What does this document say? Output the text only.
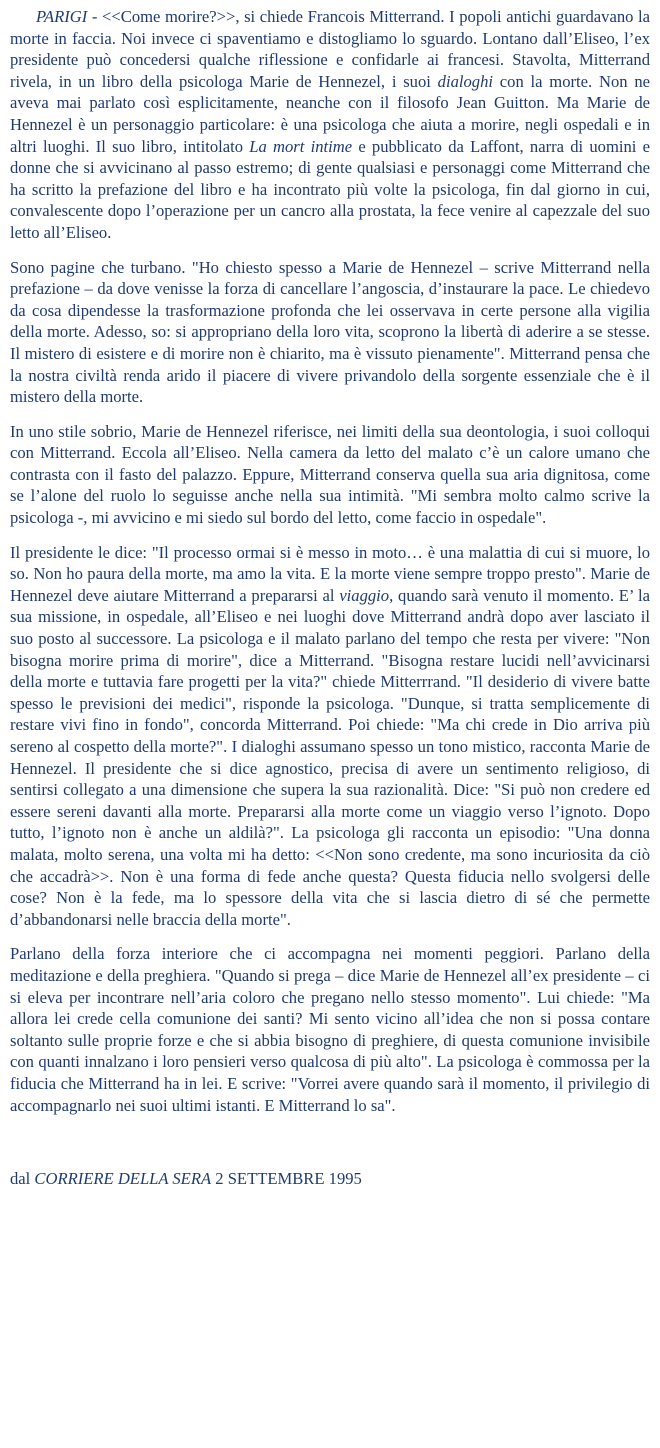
PARIGI - <<Come morire?>>, si chiede Francois Mitterrand. I popoli antichi guardavano la morte in faccia. Noi invece ci spaventiamo e distogliamo lo sguardo. Lontano dall’Eliseo, l’ex presidente può concedersi qualche riflessione e confidarle ai francesi. Stavolta, Mitterrand rivela, in un libro della psicologa Marie de Hennezel, i suoi dialoghi con la morte. Non ne aveva mai parlato così esplicitamente, neanche con il filosofo Jean Guitton. Ma Marie de Hennezel è un personaggio particolare: è una psicologa che aiuta a morire, negli ospedali e in altri luoghi. Il suo libro, intitolato La mort intime e pubblicato da Laffont, narra di uomini e donne che si avvicinano al passo estremo; di gente qualsiasi e personaggi come Mitterrand che ha scritto la prefazione del libro e ha incontrato più volte la psicologa, fin dal giorno in cui, convalescente dopo l’operazione per un cancro alla prostata, la fece venire al capezzale del suo letto all’Eliseo.

Sono pagine che turbano. "Ho chiesto spesso a Marie de Hennezel – scrive Mitterrand nella prefazione – da dove venisse la forza di cancellare l’angoscia, d’instaurare la pace. Le chiedevo da cosa dipendesse la trasformazione profonda che lei osservava in certe persone alla vigilia della morte. Adesso, so: si appropriano della loro vita, scoprono la libertà di aderire a se stesse. Il mistero di esistere e di morire non è chiarito, ma è vissuto pienamente". Mitterrand pensa che la nostra civiltà renda arido il piacere di vivere privandolo della sorgente essenziale che è il mistero della morte.

In uno stile sobrio, Marie de Hennezel riferisce, nei limiti della sua deontologia, i suoi colloqui con Mitterrand. Eccola all’Eliseo. Nella camera da letto del malato c’è un calore umano che contrasta con il fasto del palazzo. Eppure, Mitterrand conserva quella sua aria dignitosa, come se l’alone del ruolo lo seguisse anche nella sua intimità. "Mi sembra molto calmo scrive la psicologa -, mi avvicino e mi siedo sul bordo del letto, come faccio in ospedale".

Il presidente le dice: "Il processo ormai si è messo in moto… è una malattia di cui si muore, lo so. Non ho paura della morte, ma amo la vita. E la morte viene sempre troppo presto". Marie de Hennezel deve aiutare Mitterrand a prepararsi al viaggio, quando sarà venuto il momento. E’ la sua missione, in ospedale, all’Eliseo e nei luoghi dove Mitterrand andrà dopo aver lasciato il suo posto al successore. La psicologa e il malato parlano del tempo che resta per vivere: "Non bisogna morire prima di morire", dice a Mitterrand. "Bisogna restare lucidi nell’avvicinarsi della morte e tuttavia fare progetti per la vita?" chiede Mitterrrand. "Il desiderio di vivere batte spesso le previsioni dei medici", risponde la psicologa. "Dunque, si tratta semplicemente di restare vivi fino in fondo", concorda Mitterrand. Poi chiede: "Ma chi crede in Dio arriva più sereno al cospetto della morte?". I dialoghi assumano spesso un tono mistico, racconta Marie de Hennezel. Il presidente che si dice agnostico, precisa di avere un sentimento religioso, di sentirsi collegato a una dimensione che supera la sua razionalità. Dice: "Si può non credere ed essere sereni davanti alla morte. Prepararsi alla morte come un viaggio verso l’ignoto. Dopo tutto, l’ignoto non è anche un aldilà?". La psicologa gli racconta un episodio: "Una donna malata, molto serena, una volta mi ha detto: <<Non sono credente, ma sono incuriosita da ciò che accadrà>>. Non è una forma di fede anche questa? Questa fiducia nello svolgersi delle cose? Non è la fede, ma lo spessore della vita che si lascia dietro di sé che permette d’abbandonarsi nelle braccia della morte".

Parlano della forza interiore che ci accompagna nei momenti peggiori. Parlano della meditazione e della preghiera. "Quando si prega – dice Marie de Hennezel all’ex presidente – ci si eleva per incontrare nell’aria coloro che pregano nello stesso momento". Lui chiede: "Ma allora lei crede cella comunione dei santi? Mi sento vicino all’idea che non si possa contare soltanto sulle proprie forze e che si abbia bisogno di preghiere, di questa comunione invisibile con quanti innalzano i loro pensieri verso qualcosa di più alto". La psicologa è commossa per la fiducia che Mitterrand ha in lei. E scrive: "Vorrei avere quando sarà il momento, il privilegio di accompagnarlo nei suoi ultimi istanti. E Mitterrand lo sa".

dal CORRIERE DELLA SERA 2 SETTEMBRE 1995
